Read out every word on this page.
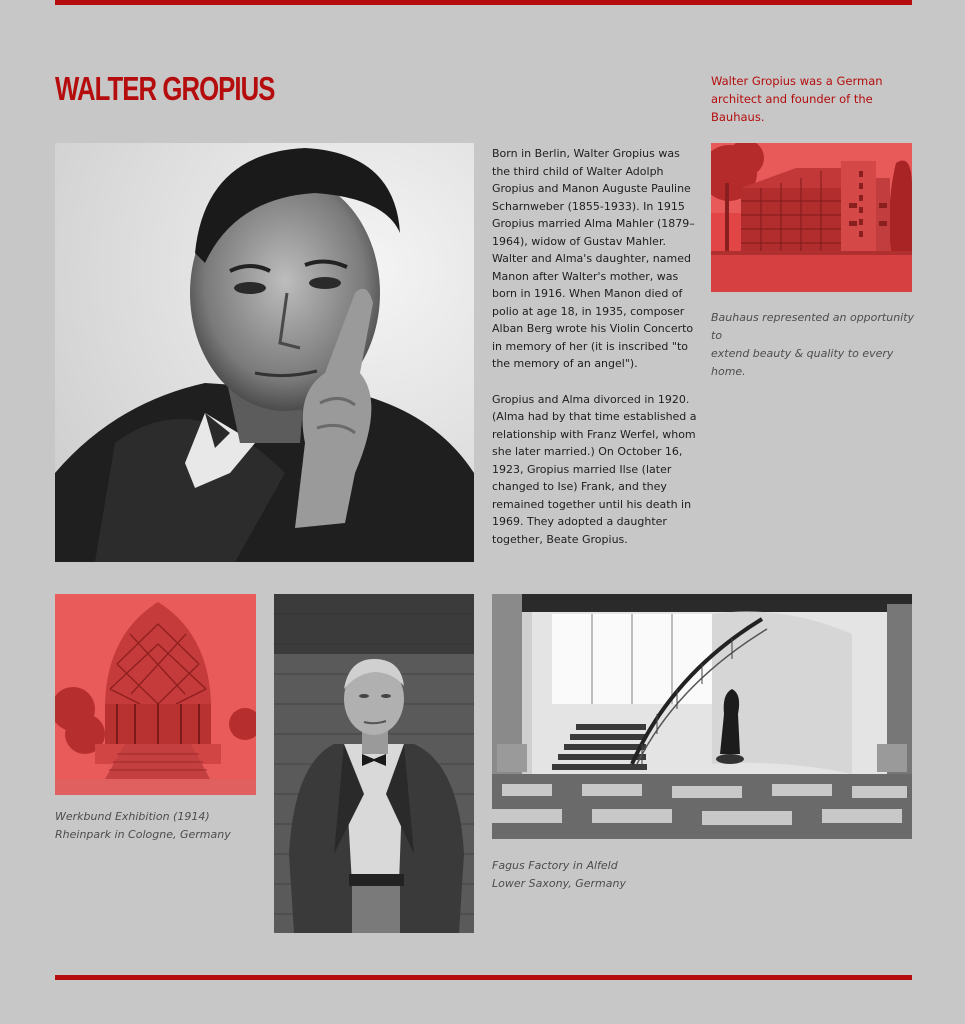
WALTER GROPIUS	Walter Gropius was a German architect and founder of the Bauhaus.

Born in Berlin, Walter Gropius was the third child of Walter Adolph Gropius and Manon Auguste Pauline Scharnweber (1855-1933). In 1915 Gropius married Alma Mahler (1879–1964), widow of Gustav Mahler. Walter and Alma's daughter, named Manon after Walter's mother, was born in 1916. When Manon died of polio at age 18, in 1935, composer Alban Berg wrote his Violin Concerto in memory of her (it is inscribed "to the memory of an angel").

Gropius and Alma divorced in 1920. (Alma had by that time established a relationship with Franz Werfel, whom she later married.) On October 16, 1923, Gropius married Ilse (later changed to Ise) Frank, and they remained together until his death in 1969. They adopted a daughter together, Beate Gropius.

Bauhaus represented an opportunity to
extend beauty & quality to every home.
Werkbund Exhibition (1914)
Rheinpark in Cologne, Germany
Fagus Factory in Alfeld
Lower Saxony, Germany
